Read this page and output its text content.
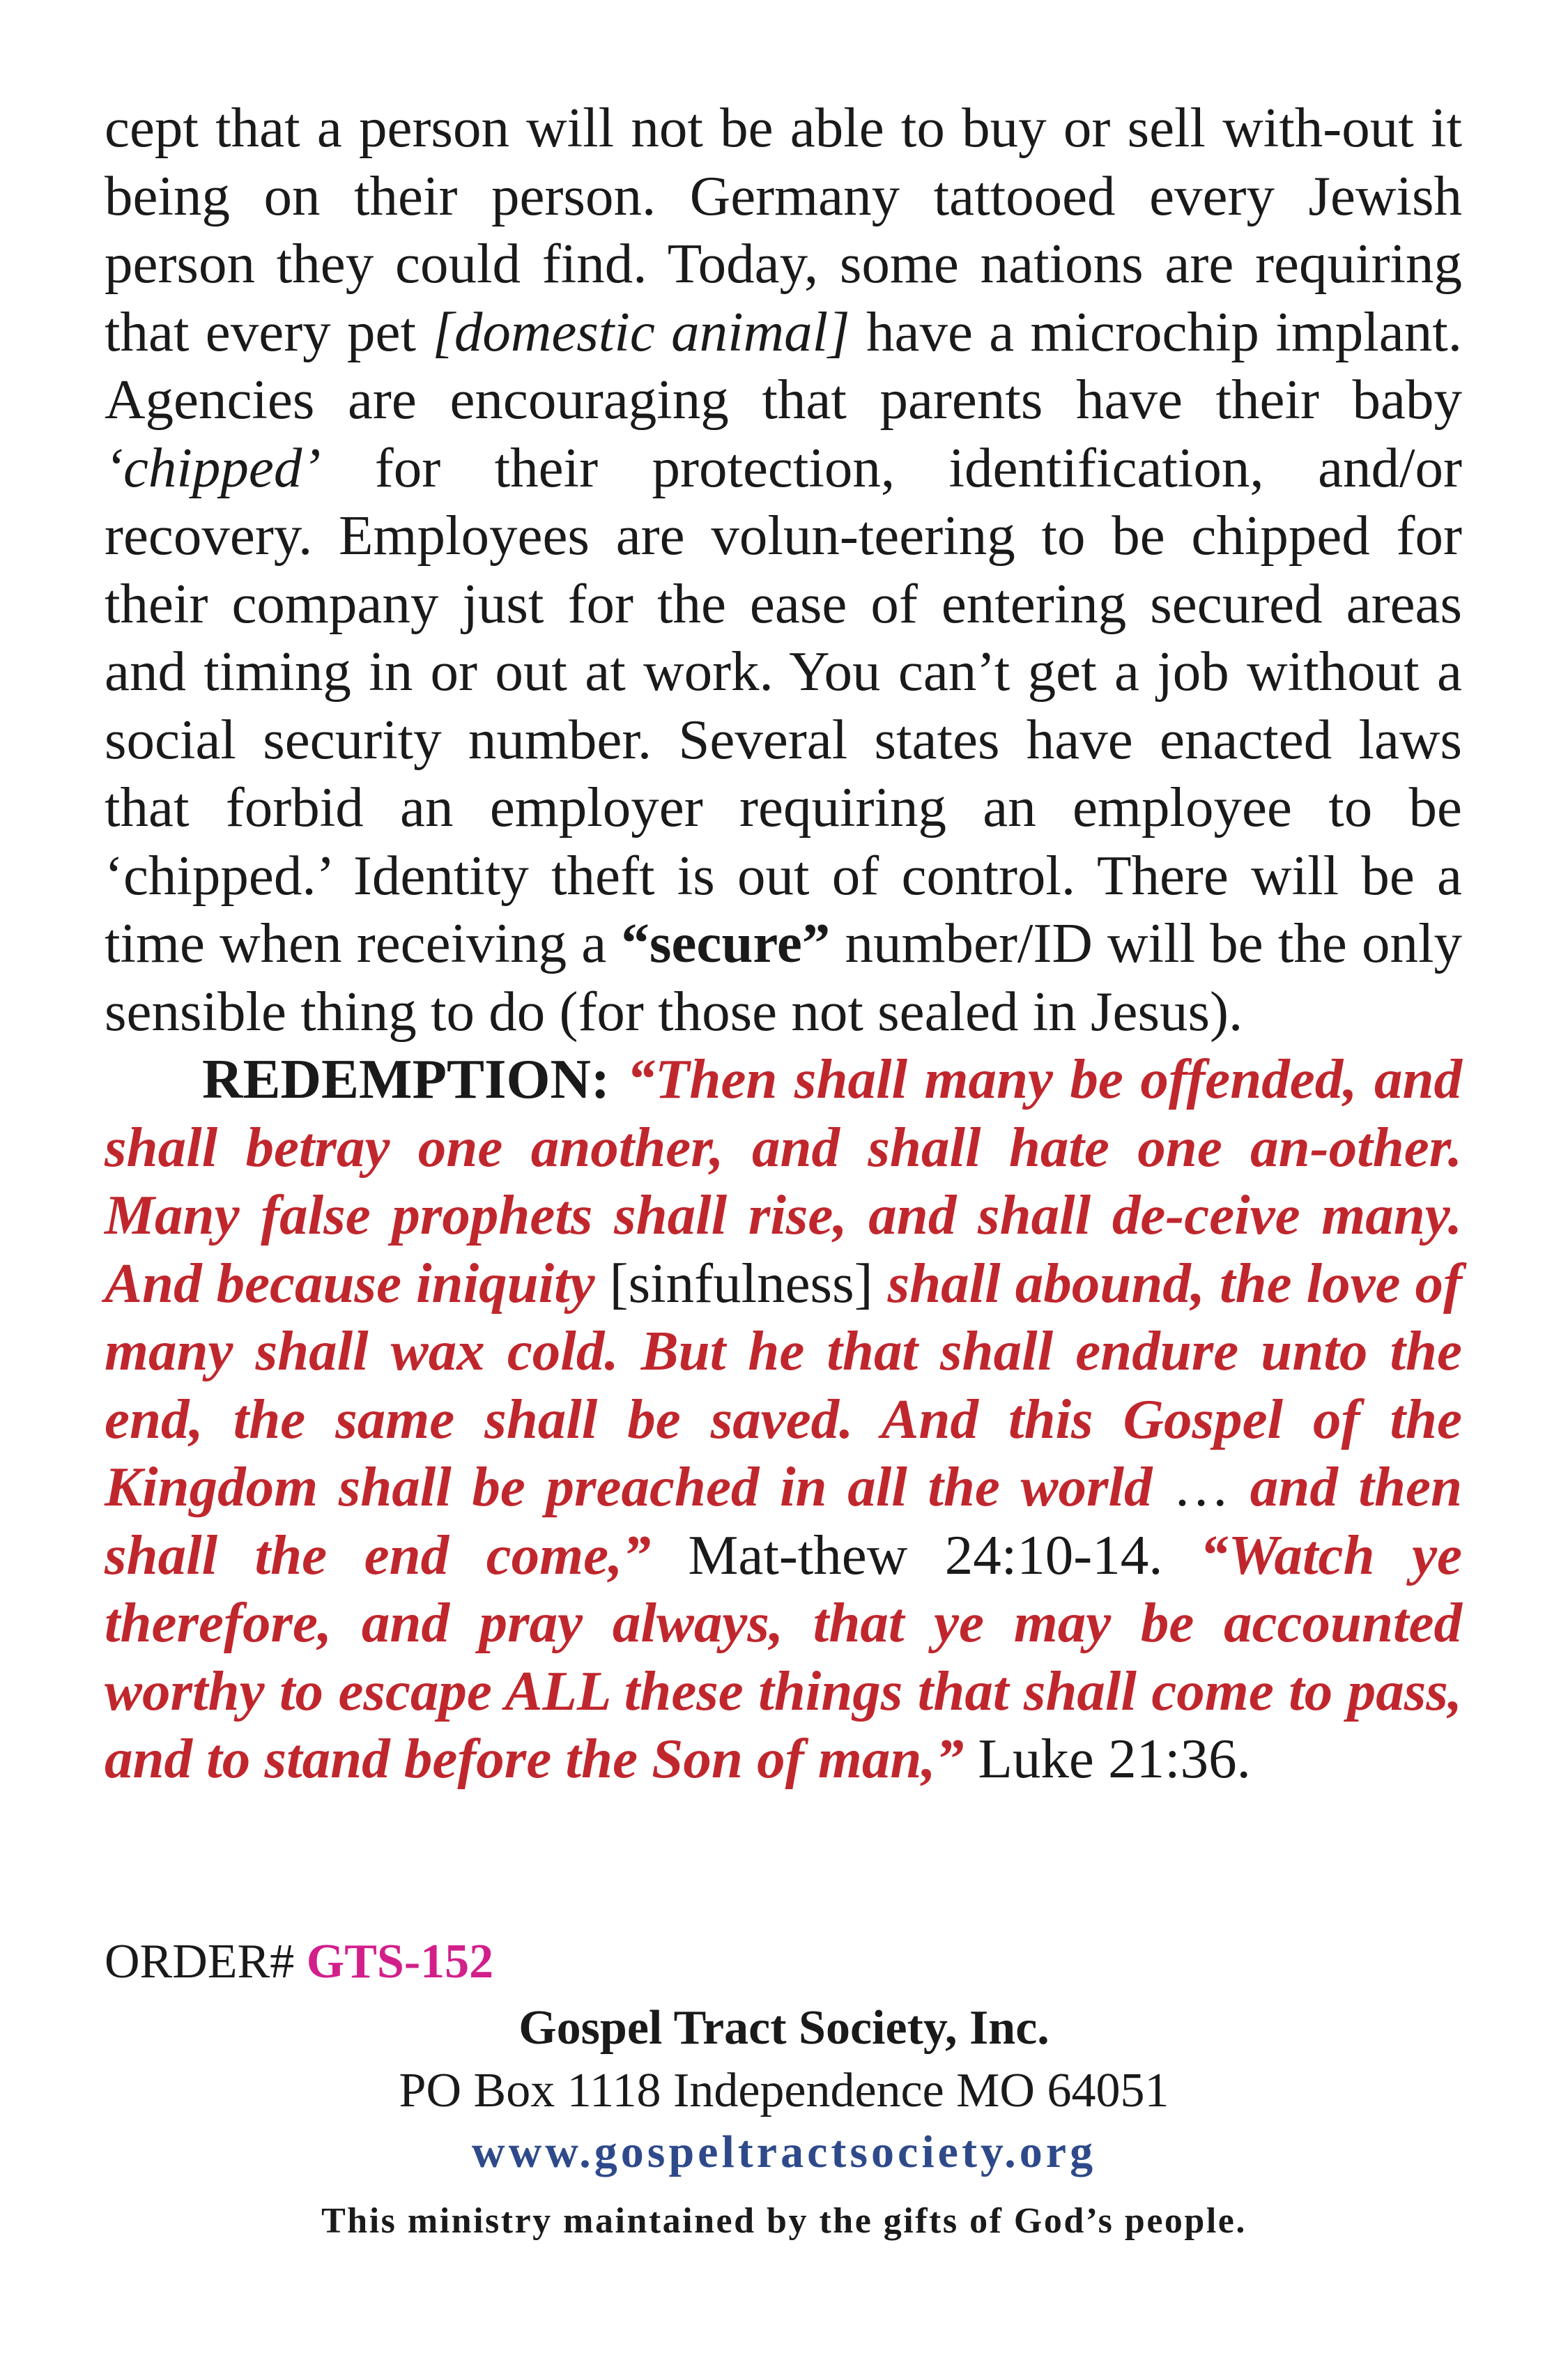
cept that a person will not be able to buy or sell with-out it being on their person. Germany tattooed every Jewish person they could find. Today, some nations are requiring that every pet [domestic animal] have a microchip implant. Agencies are encouraging that parents have their baby ‘chipped’ for their protection, identification, and/or recovery. Employees are volun-teering to be chipped for their company just for the ease of entering secured areas and timing in or out at work. You can’t get a job without a social security number. Several states have enacted laws that forbid an employer requiring an employee to be ‘chipped.’ Identity theft is out of control. There will be a time when receiving a “secure” number/ID will be the only sensible thing to do (for those not sealed in Jesus).

REDEMPTION: “Then shall many be offended, and shall betray one another, and shall hate one an-other. Many false prophets shall rise, and shall de-ceive many. And because iniquity [sinfulness] shall abound, the love of many shall wax cold. But he that shall endure unto the end, the same shall be saved. And this Gospel of the Kingdom shall be preached in all the world … and then shall the end come,” Mat-thew 24:10-14. “Watch ye therefore, and pray always, that ye may be accounted worthy to escape ALL these things that shall come to pass, and to stand before the Son of man,” Luke 21:36.

ORDER# GTS-152
Gospel Tract Society, Inc.
PO Box 1118 Independence MO 64051
www.gospeltractsociety.org
This ministry maintained by the gifts of God’s people.
